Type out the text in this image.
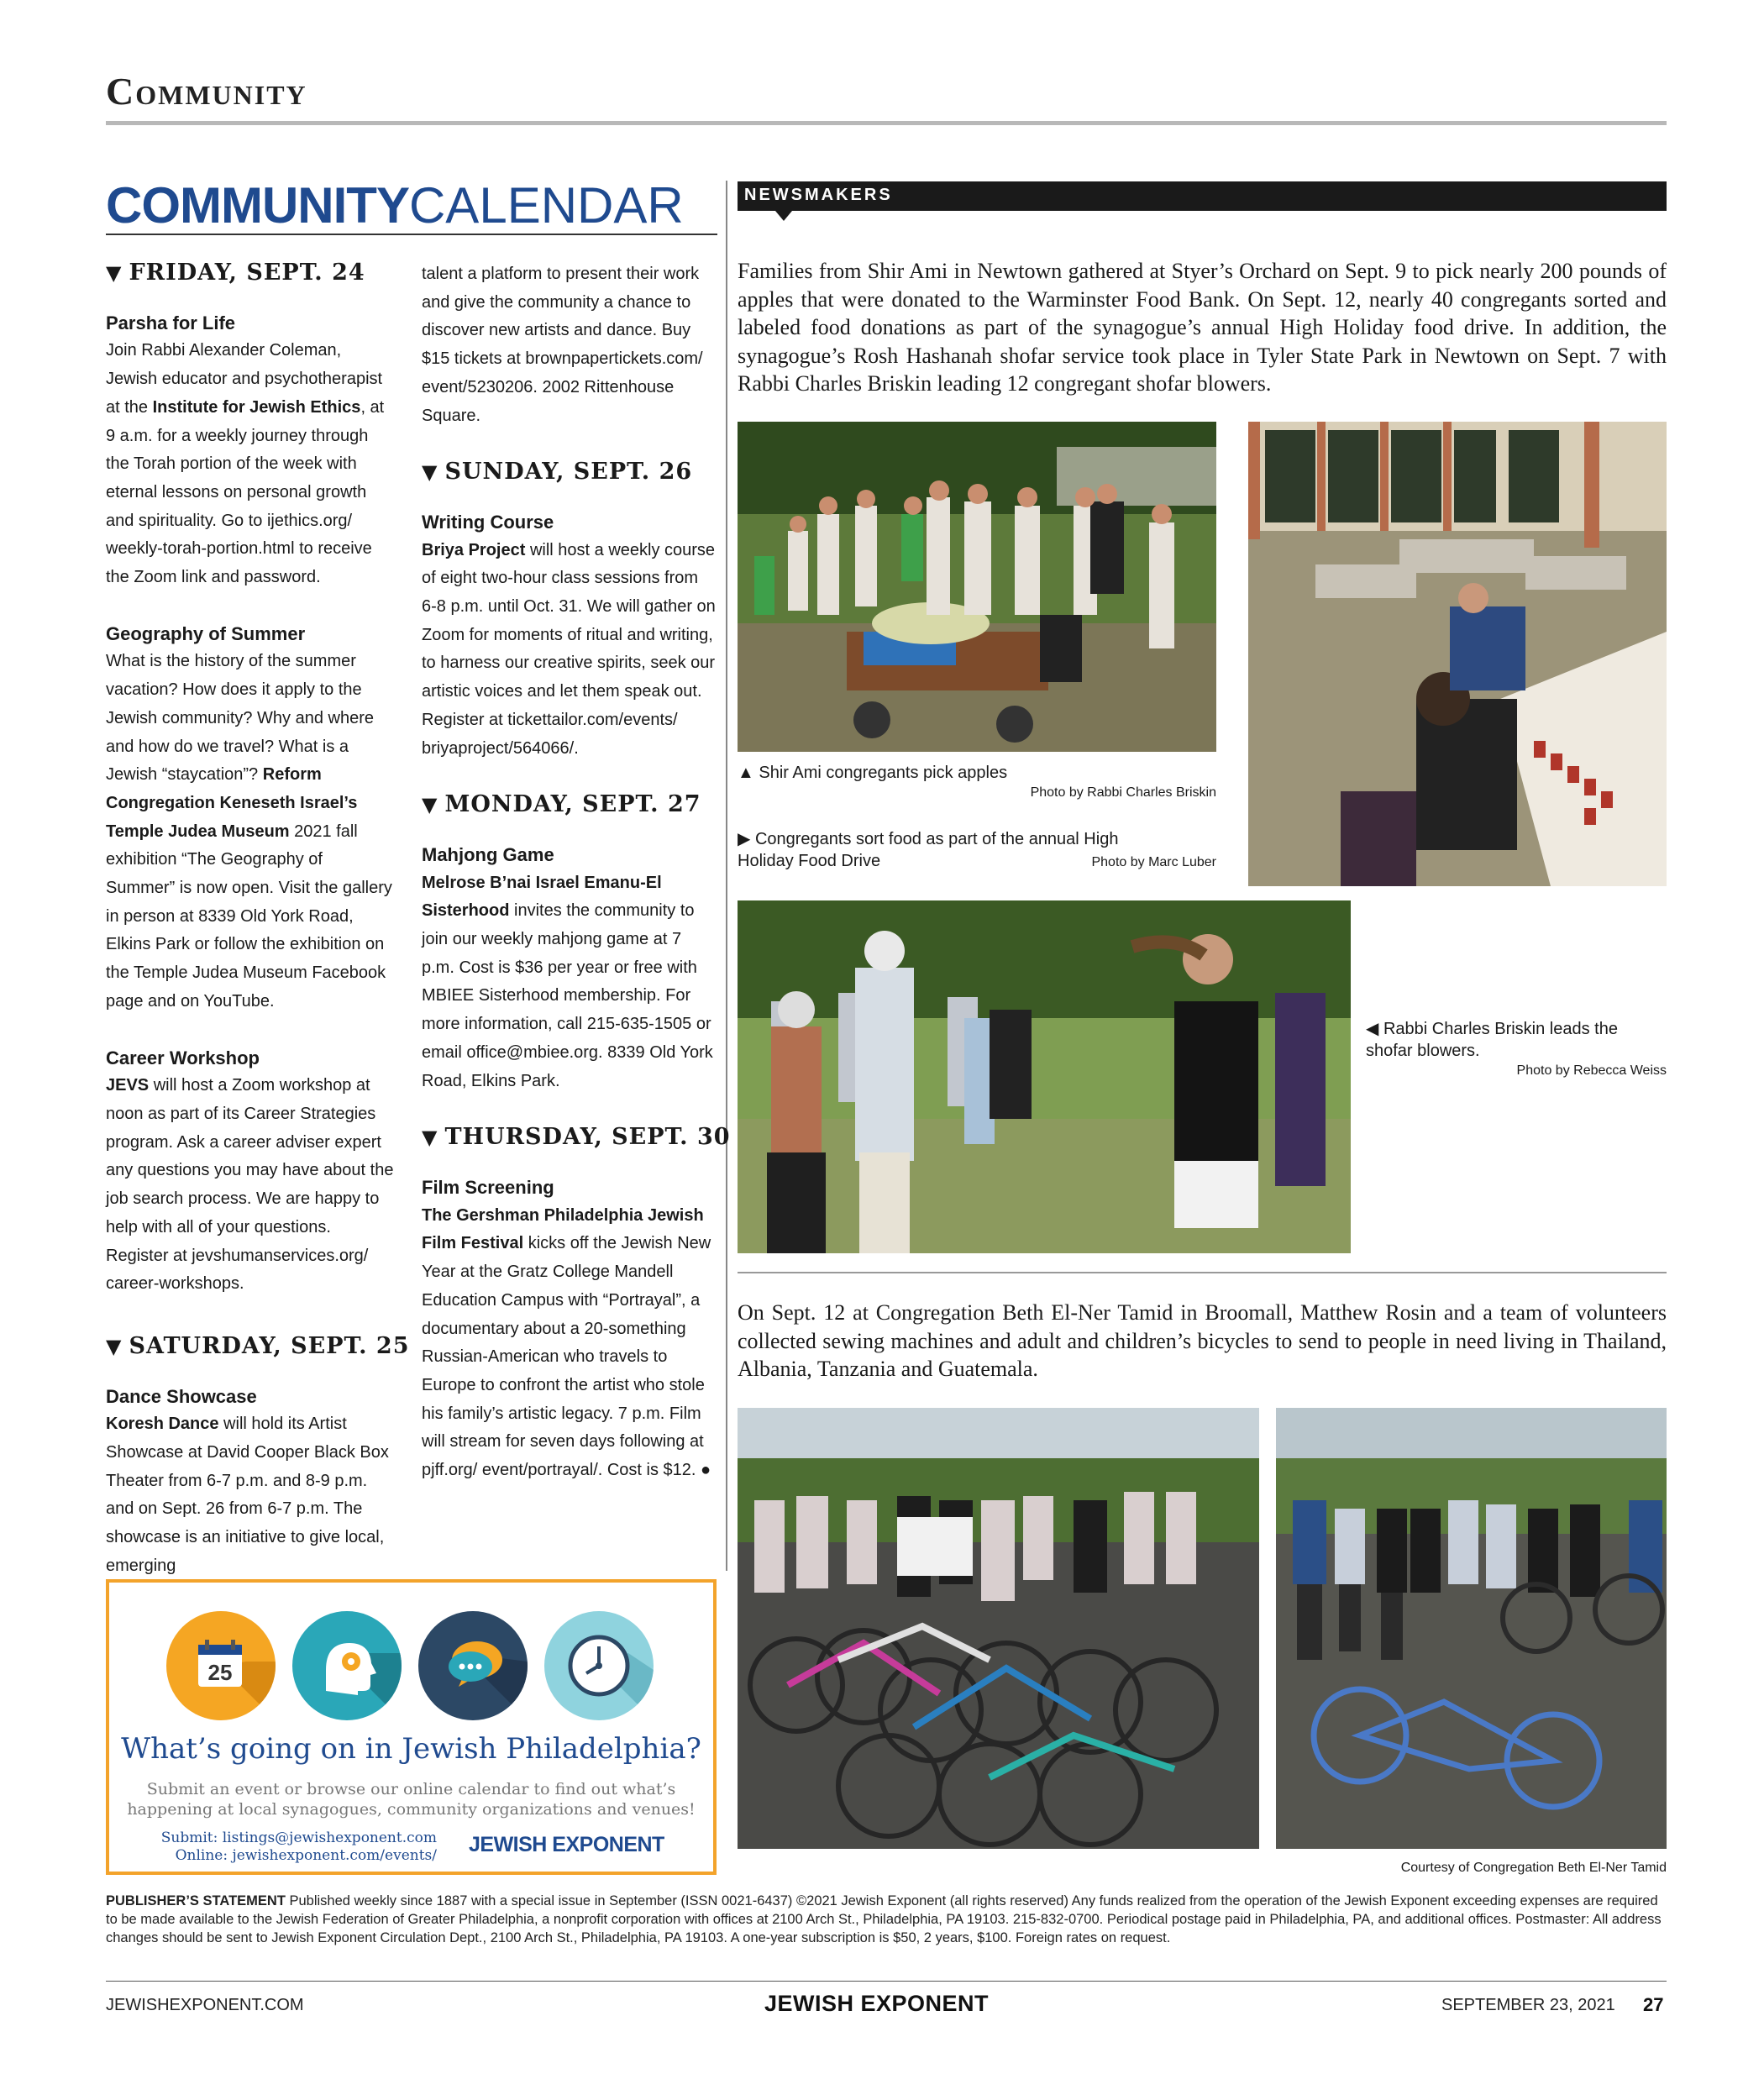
Community
COMMUNITYCALENDAR
▼ FRIDAY, SEPT. 24

Parsha for Life

Join Rabbi Alexander Coleman, Jewish educator and psychotherapist at the Institute for Jewish Ethics, at 9 a.m. for a weekly journey through the Torah portion of the week with eternal lessons on personal growth and spirituality. Go to ijethics.org/ weekly-torah-portion.html to receive the Zoom link and password.

Geography of Summer

What is the history of the summer vacation? How does it apply to the Jewish community? Why and where and how do we travel? What is a Jewish “staycation”? Reform Congregation Keneseth Israel’s Temple Judea Museum 2021 fall exhibition “The Geography of Summer” is now open. Visit the gallery in person at 8339 Old York Road, Elkins Park or follow the exhibition on the Temple Judea Museum Facebook page and on YouTube.

Career Workshop

JEVS will host a Zoom workshop at noon as part of its Career Strategies program. Ask a career adviser expert any questions you may have about the job search process. We are happy to help with all of your questions. Register at jevshumanservices.org/ career-workshops.

▼ SATURDAY, SEPT. 25

Dance Showcase

Koresh Dance will hold its Artist Showcase at David Cooper Black Box Theater from 6-7 p.m. and 8-9 p.m. and on Sept. 26 from 6-7 p.m. The showcase is an initiative to give local, emerging

talent a platform to present their work and give the community a chance to discover new artists and dance. Buy $15 tickets at brownpapertickets.com/ event/5230206. 2002 Rittenhouse Square.

▼ SUNDAY, SEPT. 26

Writing Course

Briya Project will host a weekly course of eight two-hour class sessions from 6-8 p.m. until Oct. 31. We will gather on Zoom for moments of ritual and writing, to harness our creative spirits, seek our artistic voices and let them speak out. Register at tickettailor.com/events/ briyaproject/564066/.

▼ MONDAY, SEPT. 27

Mahjong Game

Melrose B’nai Israel Emanu-El Sisterhood invites the community to join our weekly mahjong game at 7 p.m. Cost is $36 per year or free with MBIEE Sisterhood membership. For more information, call 215-635-1505 or email office@mbiee.org. 8339 Old York Road, Elkins Park.

▼ THURSDAY, SEPT. 30

Film Screening

The Gershman Philadelphia Jewish Film Festival kicks off the Jewish New Year at the Gratz College Mandell Education Campus with “Portrayal”, a documentary about a 20-something Russian-American who travels to Europe to confront the artist who stole his family’s artistic legacy. 7 p.m. Film will stream for seven days following at pjff.org/ event/portrayal/. Cost is $12. ●

25
What’s going on in Jewish Philadelphia?
Submit an event or browse our online calendar to find out what’s happening at local synagogues, community organizations and venues!
Submit: listings@jewishexponent.com
Online: jewishexponent.com/events/ JEWISH EXPONENT
NEWSMAKERS
Families from Shir Ami in Newtown gathered at Styer’s Orchard on Sept. 9 to pick nearly 200 pounds of apples that were donated to the Warminster Food Bank. On Sept. 12, nearly 40 congregants sorted and labeled food donations as part of the synagogue’s annual High Holiday food drive. In addition, the synagogue’s Rosh Hashanah shofar service took place in Tyler State Park in Newtown on Sept. 7 with Rabbi Charles Briskin leading 12 congregant shofar blowers.
▲ Shir Ami congregants pick apples
Photo by Rabbi Charles Briskin
▶ Congregants sort food as part of the annual High Holiday Food Drive	Photo by Marc Luber
◀ Rabbi Charles Briskin leads the shofar blowers.
Photo by Rebecca Weiss
On Sept. 12 at Congregation Beth El-Ner Tamid in Broomall, Matthew Rosin and a team of volunteers collected sewing machines and adult and children’s bicycles to send to people in need living in Thailand, Albania, Tanzania and Guatemala.
Courtesy of Congregation Beth El-Ner Tamid
PUBLISHER’S STATEMENT Published weekly since 1887 with a special issue in September (ISSN 0021-6437) ©2021 Jewish Exponent (all rights reserved) Any funds realized from the operation of the Jewish Exponent exceeding expenses are required to be made available to the Jewish Federation of Greater Philadelphia, a nonprofit corporation with offices at 2100 Arch St., Philadelphia, PA 19103. 215-832-0700. Periodical postage paid in Philadelphia, PA, and additional offices. Postmaster: All address changes should be sent to Jewish Exponent Circulation Dept., 2100 Arch St., Philadelphia, PA 19103. A one-year subscription is $50, 2 years, $100. Foreign rates on request.
JEWISHEXPONENT.COM	JEWISH EXPONENT	SEPTEMBER 23, 2021 27
